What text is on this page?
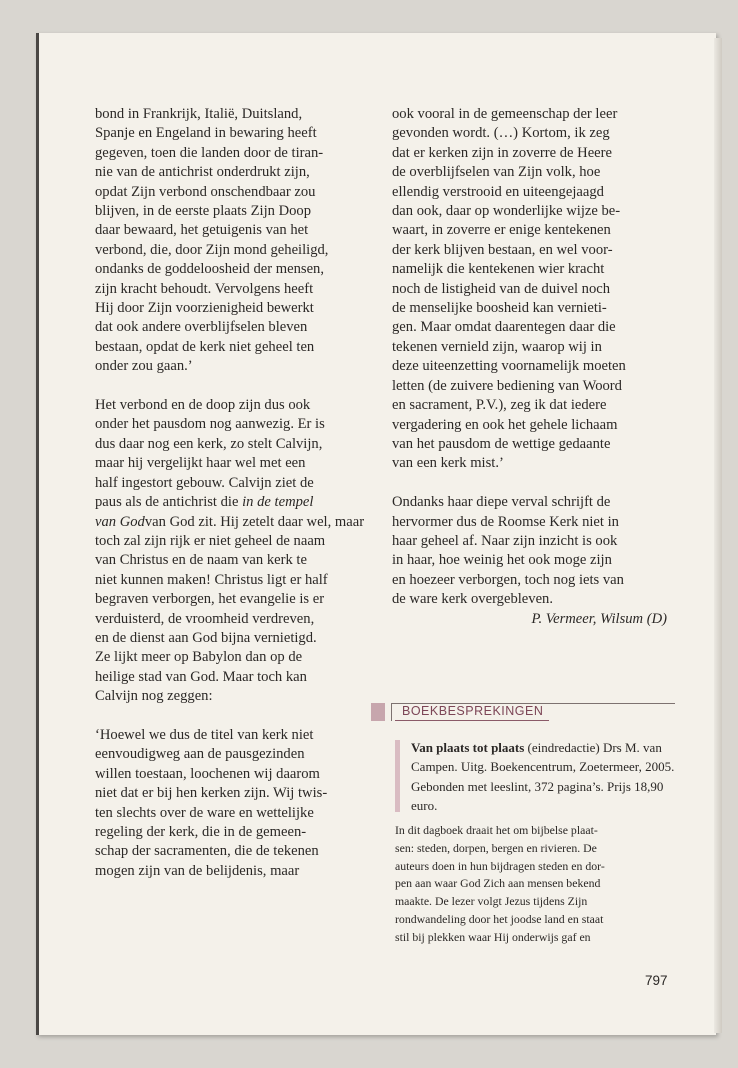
bond in Frankrijk, Italië, Duitsland,

Spanje en Engeland in bewaring heeft

gegeven, toen die landen door de tiran-

nie van de antichrist onderdrukt zijn,

opdat Zijn verbond onschendbaar zou

blijven, in de eerste plaats Zijn Doop

daar bewaard, het getuigenis van het

verbond, die, door Zijn mond geheiligd,

ondanks de goddeloosheid der mensen,

zijn kracht behoudt. Vervolgens heeft

Hij door Zijn voorzienigheid bewerkt

dat ook andere overblijfselen bleven

bestaan, opdat de kerk niet geheel ten

onder zou gaan.’

Het verbond en de doop zijn dus ook

onder het pausdom nog aanwezig. Er is

dus daar nog een kerk, zo stelt Calvijn,

maar hij vergelijkt haar wel met een

half ingestort gebouw. Calvijn ziet de

paus als de antichrist die in de tempel

van Godvan God zit. Hij zetelt daar wel, maar

toch zal zijn rijk er niet geheel de naam

van Christus en de naam van kerk te

niet kunnen maken! Christus ligt er half

begraven verborgen, het evangelie is er

verduisterd, de vroomheid verdreven,

en de dienst aan God bijna vernietigd.

Ze lijkt meer op Babylon dan op de

heilige stad van God. Maar toch kan

Calvijn nog zeggen:

‘Hoewel we dus de titel van kerk niet

eenvoudigweg aan de pausgezinden

willen toestaan, loochenen wij daarom

niet dat er bij hen kerken zijn. Wij twis-

ten slechts over de ware en wettelijke

regeling der kerk, die in de gemeen-

schap der sacramenten, die de tekenen

mogen zijn van de belijdenis, maar

ook vooral in de gemeenschap der leer

gevonden wordt. (…) Kortom, ik zeg

dat er kerken zijn in zoverre de Heere

de overblijfselen van Zijn volk, hoe

ellendig verstrooid en uiteengejaagd

dan ook, daar op wonderlijke wijze be-

waart, in zoverre er enige kentekenen

der kerk blijven bestaan, en wel voor-

namelijk die kentekenen wier kracht

noch de listigheid van de duivel noch

de menselijke boosheid kan vernieti-

gen. Maar omdat daarentegen daar die

tekenen vernield zijn, waarop wij in

deze uiteenzetting voornamelijk moeten

letten (de zuivere bediening van Woord

en sacrament, P.V.), zeg ik dat iedere

vergadering en ook het gehele lichaam

van het pausdom de wettige gedaante

van een kerk mist.’

Ondanks haar diepe verval schrijft de

hervormer dus de Roomse Kerk niet in

haar geheel af. Naar zijn inzicht is ook

in haar, hoe weinig het ook moge zijn

en hoezeer verborgen, toch nog iets van

de ware kerk overgebleven.

P. Vermeer, Wilsum (D)

BOEKBESPREKINGEN
Van plaats tot plaats (eindredactie) Drs M. van Campen. Uitg. Boekencentrum, Zoetermeer, 2005. Gebonden met leeslint, 372 pagina’s. Prijs 18,90 euro.

In dit dagboek draait het om bijbelse plaat-

sen: steden, dorpen, bergen en rivieren. De

auteurs doen in hun bijdragen steden en dor-

pen aan waar God Zich aan mensen bekend

maakte. De lezer volgt Jezus tijdens Zijn

rondwandeling door het joodse land en staat

stil bij plekken waar Hij onderwijs gaf en

797
